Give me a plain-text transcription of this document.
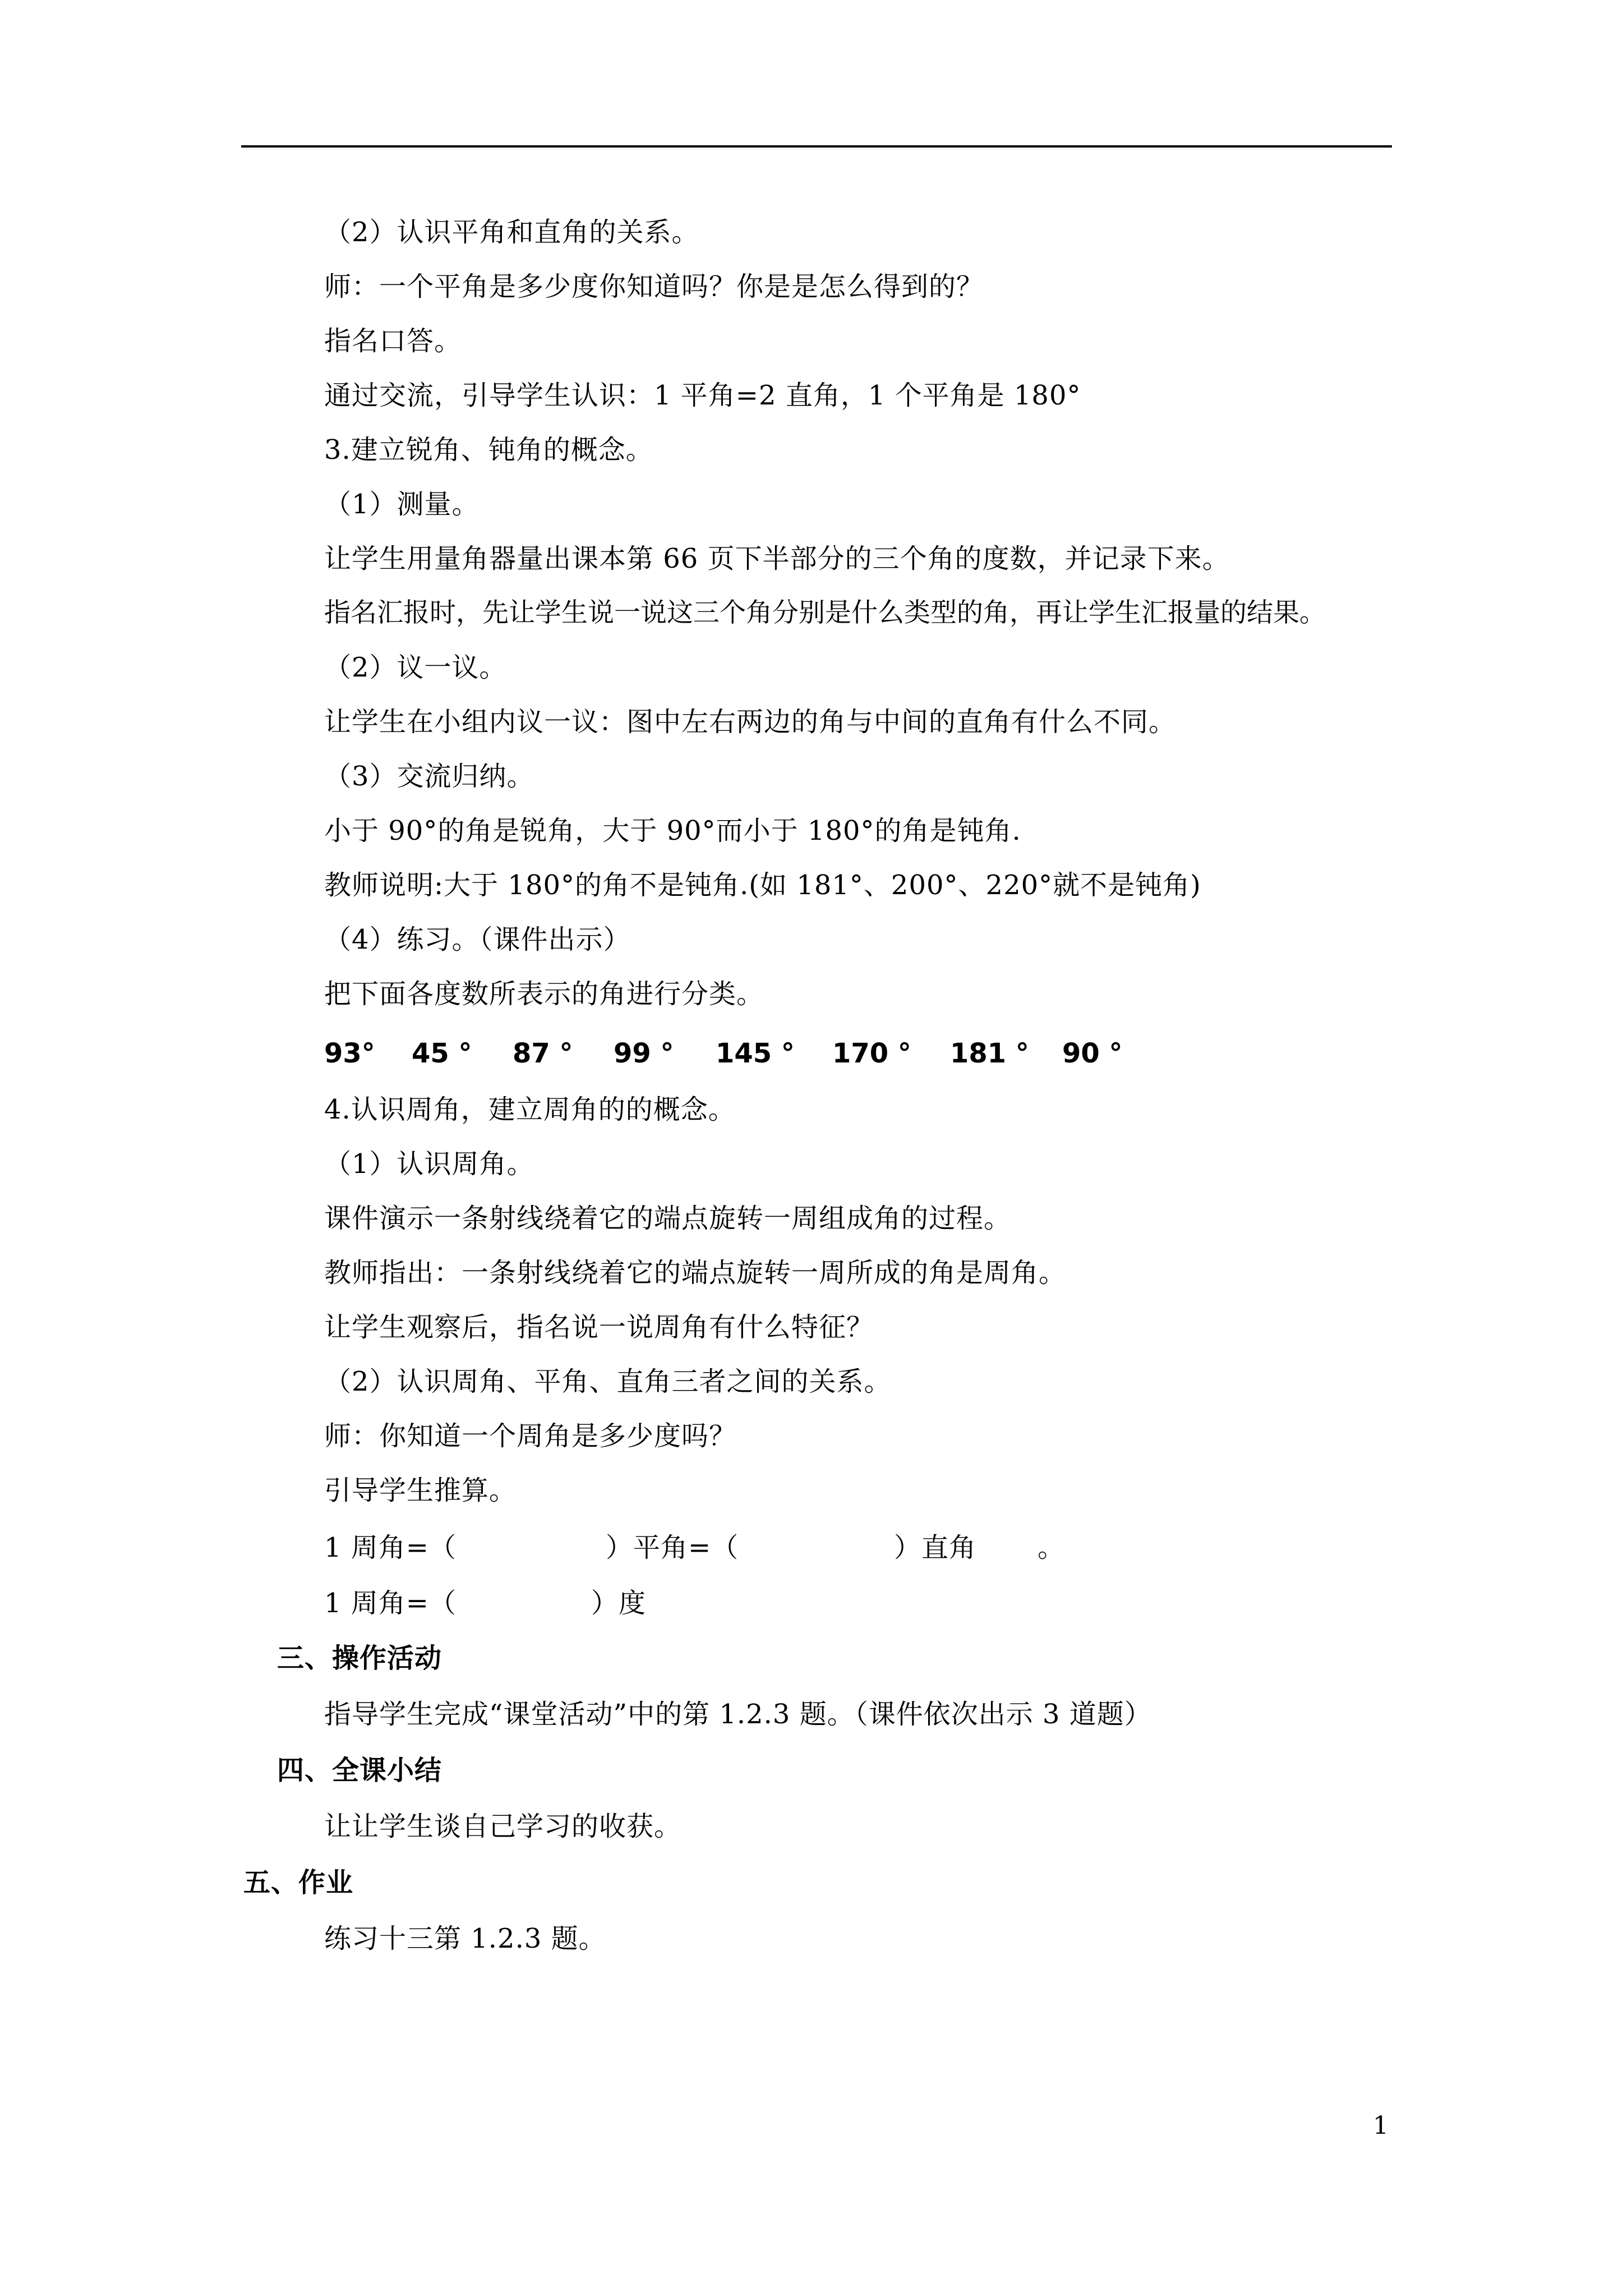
（2）认识平角和直角的关系。
师：一个平角是多少度你知道吗？你是是怎么得到的？
指名口答。
通过交流，引导学生认识：1 平角=2 直角，1 个平角是 180°
3.建立锐角、钝角的概念。
（1）测量。
让学生用量角器量出课本第 66 页下半部分的三个角的度数，并记录下来。
指名汇报时，先让学生说一说这三个角分别是什么类型的角，再让学生汇报量的结果。
（2）议一议。
让学生在小组内议一议：图中左右两边的角与中间的直角有什么不同。
（3）交流归纳。
小于 90°的角是锐角，大于 90°而小于 180°的角是钝角.
教师说明:大于 180°的角不是钝角.(如 181°、200°、220°就不是钝角)
（4）练习。（课件出示）
把下面各度数所表示的角进行分类。
93° 45 ° 87 ° 99 ° 145 ° 170 ° 181 ° 90 °
4.认识周角，建立周角的的概念。
（1）认识周角。
课件演示一条射线绕着它的端点旋转一周组成角的过程。
教师指出：一条射线绕着它的端点旋转一周所成的角是周角。
让学生观察后，指名说一说周角有什么特征？
（2）认识周角、平角、直角三者之间的关系。
师：你知道一个周角是多少度吗？
引导学生推算。
1 周角=（	）平角=（	）直角 。
1 周角=（	）度
三、操作活动
指导学生完成“课堂活动”中的第 1.2.3 题。（课件依次出示 3 道题）
四、全课小结
让让学生谈自己学习的收获。
五、作业
练习十三第 1.2.3 题。
1
